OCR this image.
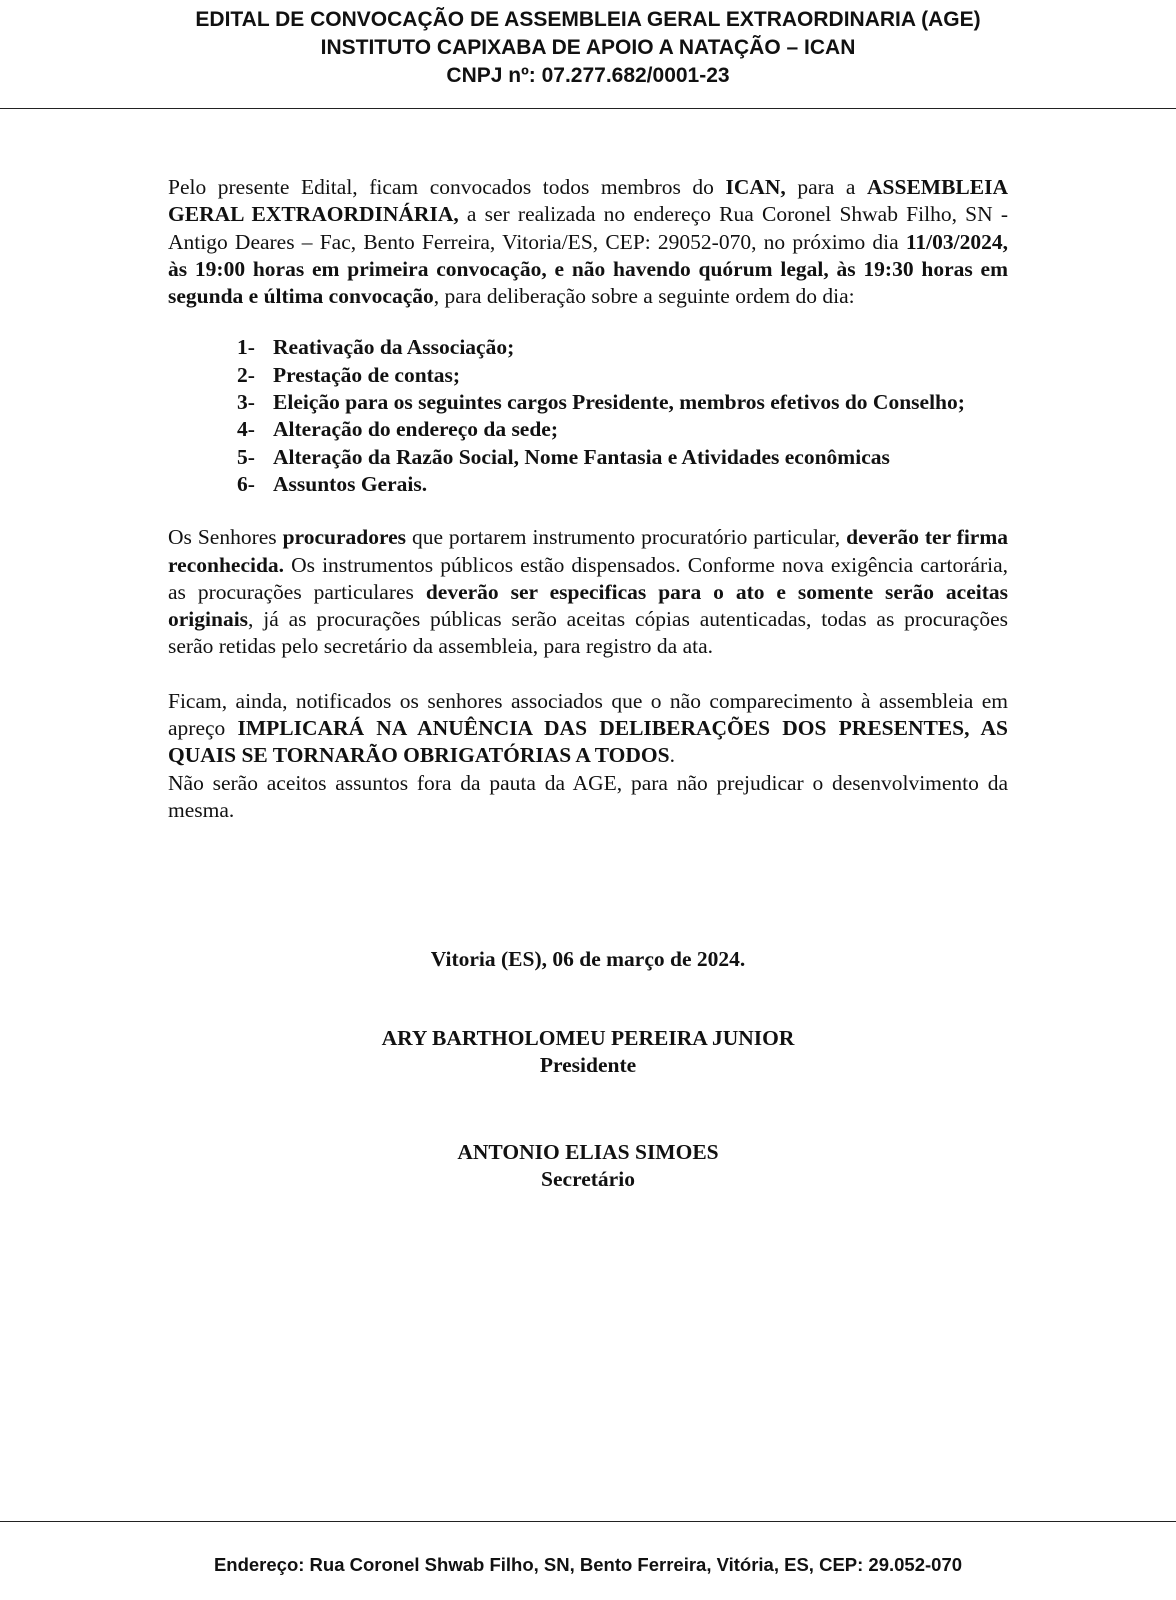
EDITAL DE CONVOCAÇÃO DE ASSEMBLEIA GERAL EXTRAORDINARIA (AGE)
INSTITUTO CAPIXABA DE APOIO A NATAÇÃO – ICAN
CNPJ nº: 07.277.682/0001-23

Pelo presente Edital, ficam convocados todos membros do ICAN, para a ASSEMBLEIA GERAL EXTRAORDINÁRIA, a ser realizada no endereço Rua Coronel Shwab Filho, SN - Antigo Deares – Fac, Bento Ferreira, Vitoria/ES, CEP: 29052-070, no próximo dia 11/03/2024, às 19:00 horas em primeira convocação, e não havendo quórum legal, às 19:30 horas em segunda e última convocação, para deliberação sobre a seguinte ordem do dia:

1- Reativação da Associação;
2- Prestação de contas;
3- Eleição para os seguintes cargos Presidente, membros efetivos do Conselho;
4- Alteração do endereço da sede;
5- Alteração da Razão Social, Nome Fantasia e Atividades econômicas
6- Assuntos Gerais.

Os Senhores procuradores que portarem instrumento procuratório particular, deverão ter firma reconhecida. Os instrumentos públicos estão dispensados. Conforme nova exigência cartorária, as procurações particulares deverão ser especificas para o ato e somente serão aceitas originais, já as procurações públicas serão aceitas cópias autenticadas, todas as procurações serão retidas pelo secretário da assembleia, para registro da ata.

Ficam, ainda, notificados os senhores associados que o não comparecimento à assembleia em apreço IMPLICARÁ NA ANUÊNCIA DAS DELIBERAÇÕES DOS PRESENTES, AS QUAIS SE TORNARÃO OBRIGATÓRIAS A TODOS.

Não serão aceitos assuntos fora da pauta da AGE, para não prejudicar o desenvolvimento da mesma.

Vitoria (ES), 06 de março de 2024.
ARY BARTHOLOMEU PEREIRA JUNIOR
Presidente
ANTONIO ELIAS SIMOES
Secretário
Endereço: Rua Coronel Shwab Filho, SN, Bento Ferreira, Vitória, ES, CEP: 29.052-070
